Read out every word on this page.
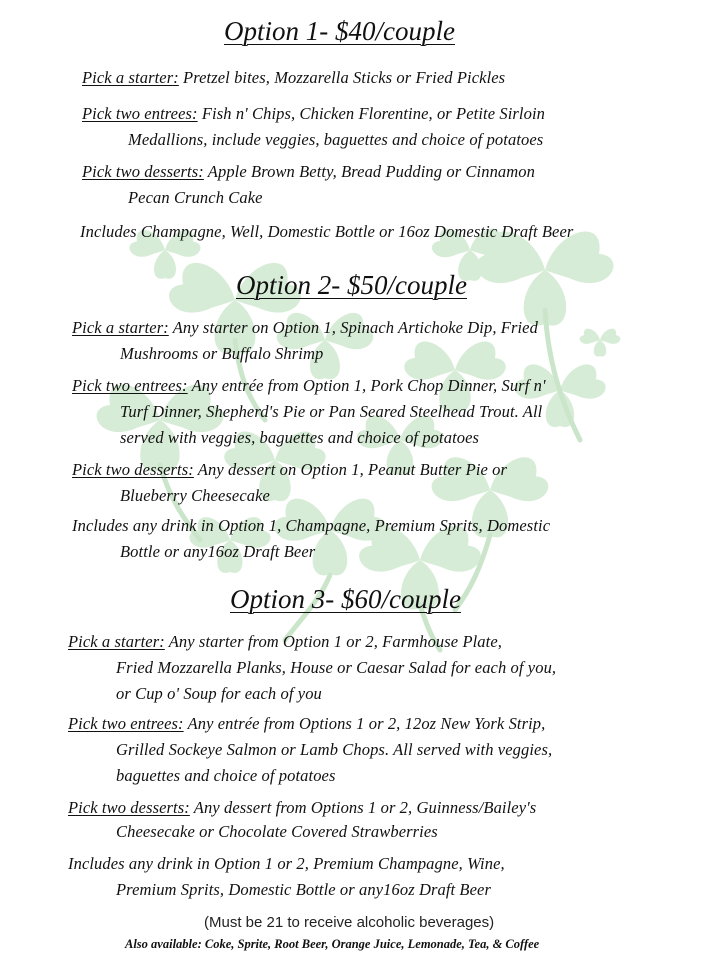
Option 1- $40/couple
Pick a starter: Pretzel bites, Mozzarella Sticks or Fried Pickles
Pick two entrees: Fish n' Chips, Chicken Florentine, or Petite Sirloin
Medallions, include veggies, baguettes and choice of potatoes
Pick two desserts: Apple Brown Betty, Bread Pudding or Cinnamon
Pecan Crunch Cake
Includes Champagne, Well, Domestic Bottle or 16oz Domestic Draft Beer
Option 2- $50/couple
Pick a starter: Any starter on Option 1, Spinach Artichoke Dip, Fried
Mushrooms or Buffalo Shrimp
Pick two entrees: Any entrée from Option 1, Pork Chop Dinner, Surf n'
Turf Dinner, Shepherd's Pie or Pan Seared Steelhead Trout. All
served with veggies, baguettes and choice of potatoes
Pick two desserts: Any dessert on Option 1, Peanut Butter Pie or
Blueberry Cheesecake
Includes any drink in Option 1, Champagne, Premium Sprits, Domestic
Bottle or any16oz Draft Beer
Option 3- $60/couple
Pick a starter: Any starter from Option 1 or 2, Farmhouse Plate,
Fried Mozzarella Planks, House or Caesar Salad for each of you,
or Cup o' Soup for each of you
Pick two entrees: Any entrée from Options 1 or 2, 12oz New York Strip,
Grilled Sockeye Salmon or Lamb Chops. All served with veggies,
baguettes and choice of potatoes
Pick two desserts: Any dessert from Options 1 or 2, Guinness/Bailey's
Cheesecake or Chocolate Covered Strawberries
Includes any drink in Option 1 or 2, Premium Champagne, Wine,
Premium Sprits, Domestic Bottle or any16oz Draft Beer
(Must be 21 to receive alcoholic beverages)
Also available: Coke, Sprite, Root Beer, Orange Juice, Lemonade, Tea, & Coffee
